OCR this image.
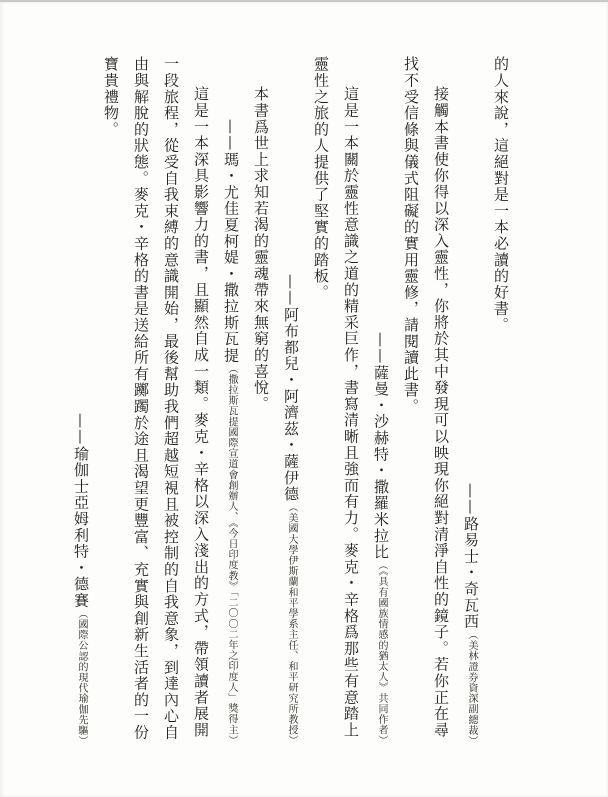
的人來說，這絕對是一本必讀的好書。

——路易士・奇瓦西（美林證券資深副總裁）

接觸本書使你得以深入靈性，你將於其中發現可以映現你絕對清淨自性的鏡子。若你正在尋找不受信條與儀式阻礙的實用靈修，請閱讀此書。

——薩曼・沙赫特・撒羅米拉比（《具有國族情感的猶太人》共同作者）

這是一本關於靈性意識之道的精采巨作，書寫清晰且強而有力。麥克・辛格爲那些有意踏上靈性之旅的人提供了堅實的踏板。

——阿布都兒・阿濟茲・薩伊德（美國大學伊斯蘭和平學系主任、和平研究所教授）

本書爲世上求知若渴的靈魂帶來無窮的喜悅。

——瑪・尤佳夏柯媞・撒拉斯瓦提（撒拉斯瓦提國際宣道會創辦人、《今日印度教》「二〇〇二年之印度人」獎得主）

這是一本深具影響力的書，且顯然自成一類。麥克・辛格以深入淺出的方式，帶領讀者展開一段旅程，從受自我束縛的意識開始，最後幫助我們超越短視且被控制的自我意象，到達內心自由與解脫的狀態。麥克・辛格的書是送給所有躑躅於途且渴望更豐富、充實與創新生活者的一份寶貴禮物。

——瑜伽士亞姆利特・德賽（國際公認的現代瑜伽先驅）
